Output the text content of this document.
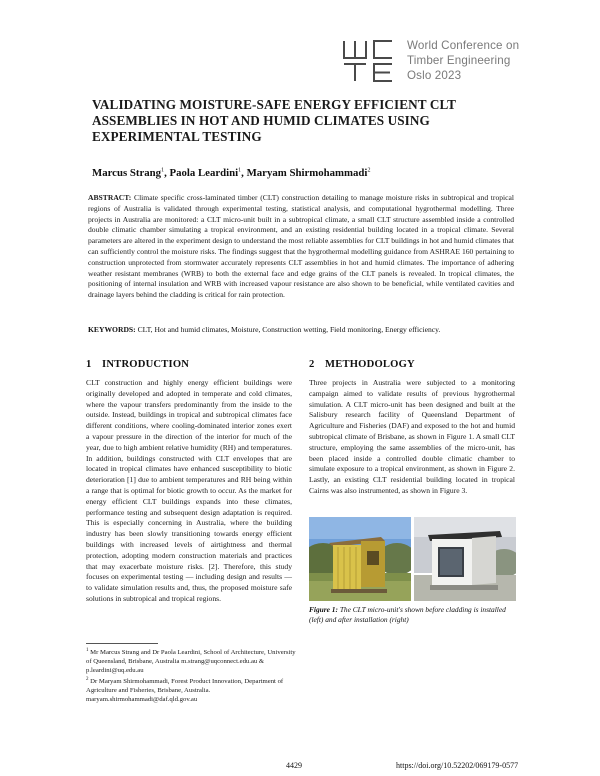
World Conference on
Timber Engineering
Oslo 2023
VALIDATING MOISTURE-SAFE ENERGY EFFICIENT CLT ASSEMBLIES IN HOT AND HUMID CLIMATES USING EXPERIMENTAL TESTING
Marcus Strang$^1$, Paola Leardini$^1$, Maryam Shirmohammadi$^2$

ABSTRACT: Climate specific cross-laminated timber (CLT) construction detailing to manage moisture risks in subtropical and tropical regions of Australia is validated through experimental testing, statistical analysis, and computational hygrothermal modelling. Three projects in Australia are monitored: a CLT micro-unit built in a subtropical climate, a small CLT structure assembled inside a controlled double climatic chamber simulating a tropical environment, and an existing residential building located in a tropical climate. Several parameters are altered in the experiment design to understand the most reliable assemblies for CLT buildings in hot and humid climates that can sufficiently control the moisture risks. The findings suggest that the hygrothermal modelling guidance from ASHRAE 160 pertaining to construction unprotected from stormwater accurately represents CLT assemblies in hot and humid climates. The importance of adhering weather resistant membranes (WRB) to both the external face and edge grains of the CLT panels is revealed. In tropical climates, the positioning of internal insulation and WRB with increased vapour resistance are also shown to be beneficial, while ventilated cavities and drainage layers behind the cladding is critical for rain protection.

KEYWORDS: CLT, Hot and humid climates, Moisture, Construction wetting, Field monitoring, Energy efficiency.

1 INTRODUCTION

CLT construction and highly energy efficient buildings were originally developed and adopted in temperate and cold climates, where the vapour transfers predominantly from the inside to the outside. Instead, buildings in tropical and subtropical climates face different conditions, where cooling-dominated interior zones exert a vapour pressure in the direction of the interior for much of the year, due to high ambient relative humidity (RH) and temperatures. In addition, buildings constructed with CLT envelopes that are located in tropical climates have enhanced susceptibility to biotic deterioration [1] due to ambient temperatures and RH being within a range that is optimal for biotic growth to occur. As the market for energy efficient CLT buildings expands into these climates, performance testing and subsequent design adaptation is required. This is especially concerning in Australia, where the building industry has been slowly transitioning towards energy efficient buildings with increased levels of airtightness and thermal protection, adopting modern construction materials and practices that may exacerbate moisture risks. [2]. Therefore, this study focuses on experimental testing — including design and results — to validate simulation results and, thus, the proposed moisture safe solutions in subtropical and tropical regions.

2 METHODOLOGY

Three projects in Australia were subjected to a monitoring campaign aimed to validate results of previous hygrothermal simulation. A CLT micro-unit has been designed and built at the Salisbury research facility of Queensland Department of Agriculture and Fisheries (DAF) and exposed to the hot and humid subtropical climate of Brisbane, as shown in Figure 1. A small CLT structure, employing the same assemblies of the micro-unit, has been placed inside a controlled double climatic chamber to simulate exposure to a tropical environment, as shown in Figure 2. Lastly, an existing CLT residential building located in tropical Cairns was also instrumented, as shown in Figure 3.

Figure 1: The CLT micro-unit's shown before cladding is installed (left) and after installation (right)

$^1$ Mr Marcus Strang and Dr Paola Leardini, School of Architecture, University of Queensland, Brisbane, Australia m.strang@uqconnect.edu.au & p.leardini@uq.edu.au

$^2$ Dr Maryam Shirmohammadi, Forest Product Innovation, Department of Agriculture and Fisheries, Brisbane, Australia. maryam.shirmohammadi@daf.qld.gov.au

4429	https://doi.org/10.52202/069179-0577
